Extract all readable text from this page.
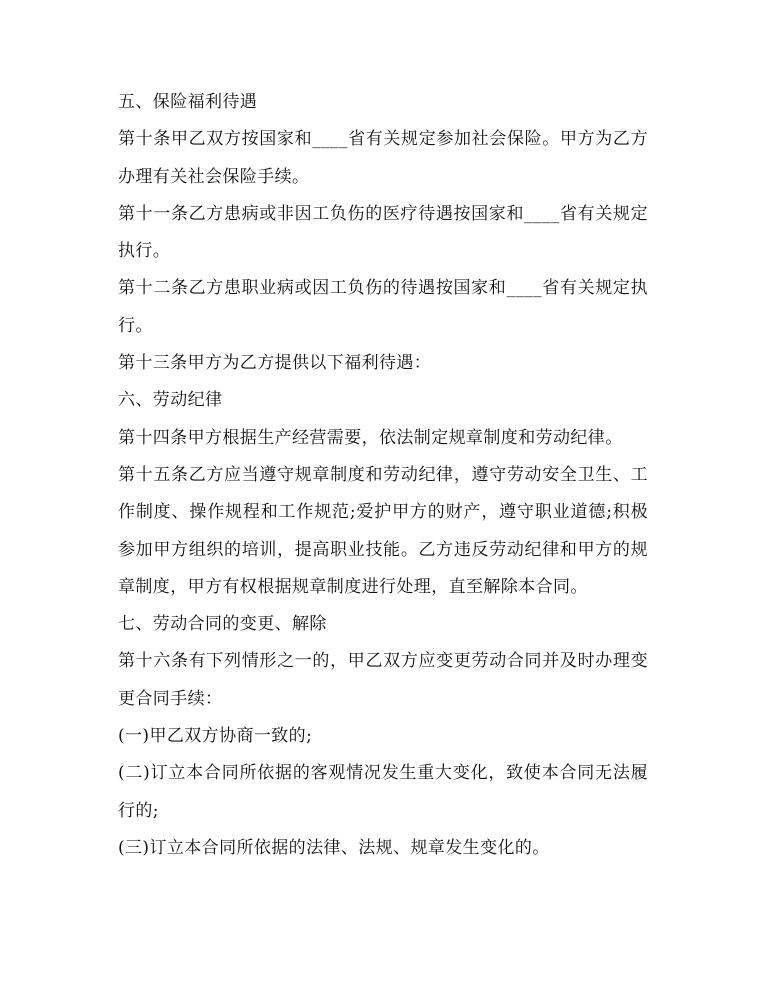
五、保险福利待遇

第十条甲乙双方按国家和____省有关规定参加社会保险。甲方为乙方办理有关社会保险手续。

第十一条乙方患病或非因工负伤的医疗待遇按国家和____省有关规定执行。

第十二条乙方患职业病或因工负伤的待遇按国家和____省有关规定执行。

第十三条甲方为乙方提供以下福利待遇：

六、劳动纪律

第十四条甲方根据生产经营需要，依法制定规章制度和劳动纪律。

第十五条乙方应当遵守规章制度和劳动纪律，遵守劳动安全卫生、工作制度、操作规程和工作规范;爱护甲方的财产，遵守职业道德;积极参加甲方组织的培训，提高职业技能。乙方违反劳动纪律和甲方的规章制度，甲方有权根据规章制度进行处理，直至解除本合同。

七、劳动合同的变更、解除

第十六条有下列情形之一的，甲乙双方应变更劳动合同并及时办理变更合同手续：

(一)甲乙双方协商一致的;

(二)订立本合同所依据的客观情况发生重大变化，致使本合同无法履行的;

(三)订立本合同所依据的法律、法规、规章发生变化的。
